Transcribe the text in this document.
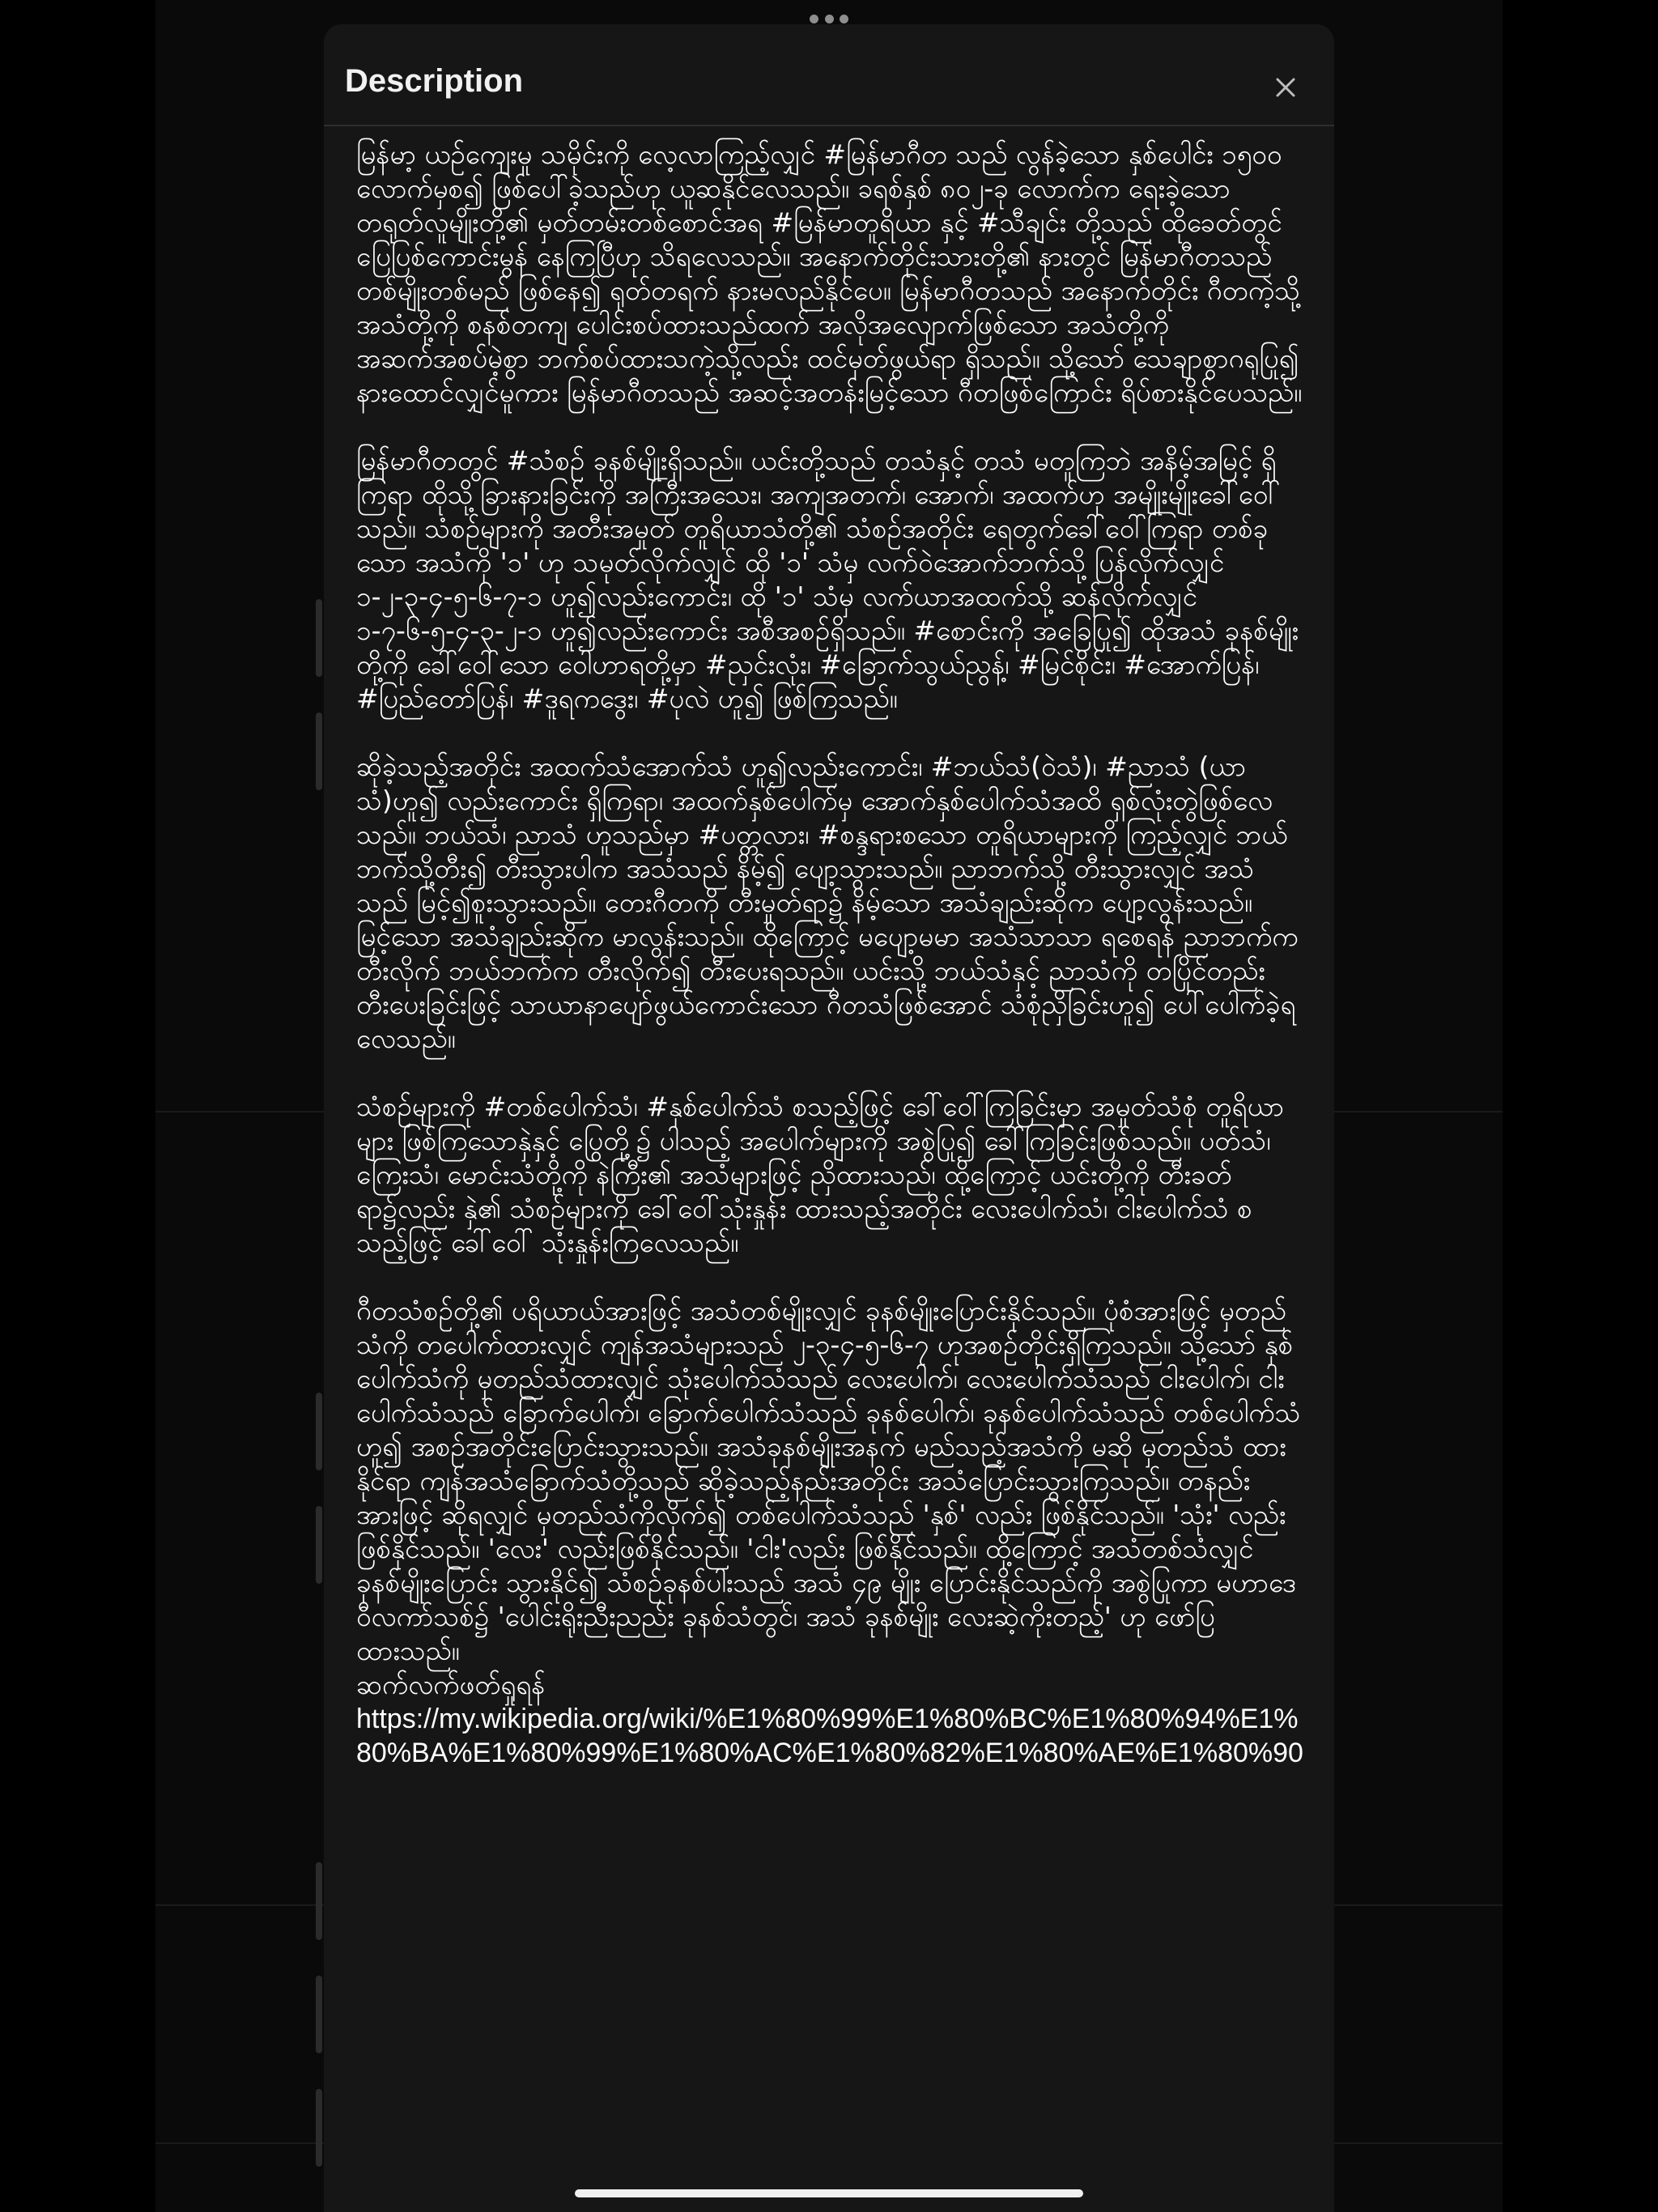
Description

မြန်မာ့ ယဉ်ကျေးမှု သမိုင်းကို လေ့လာကြည့်လျှင် #မြန်မာဂီတ သည် လွန်ခဲ့သော နှစ်ပေါင်း ၁၅၀၀ လောက်မှစ၍ ဖြစ်ပေါ်ခဲ့သည်ဟု ယူဆနိုင်လေသည်။ ခရစ်နှစ် ၈၀၂-ခု လောက်က ရေးခဲ့သော တရုတ်လူမျိုးတို့၏ မှတ်တမ်းတစ်စောင်အရ #မြန်မာတူရိယာ နှင့် #သီချင်း တို့သည် ထိုခေတ်တွင် ပြေပြစ်ကောင်းမွန် နေကြပြီဟု သိရလေသည်။ အနောက်တိုင်းသားတို့၏ နားတွင် မြန်မာဂီတသည် တစ်မျိုးတစ်မည် ဖြစ်နေ၍ ရုတ်တရက် နားမလည်နိုင်ပေ။ မြန်မာဂီတသည် အနောက်တိုင်း ဂီတကဲ့သို့ အသံတို့ကို စနစ်တကျ ပေါင်းစပ်ထားသည်ထက် အလိုအလျောက်ဖြစ်သော အသံတို့ကို အဆက်အစပ်မဲ့စွာ ဘက်စပ်ထားသကဲ့သို့လည်း ထင်မှတ်ဖွယ်ရာ ရှိသည်။ သို့သော် သေချာစွာဂရုပြု၍ နားထောင်လျှင်မူကား မြန်မာဂီတသည် အဆင့်အတန်းမြင့်သော ဂီတဖြစ်ကြောင်း ရိပ်စားနိုင်ပေသည်။

မြန်မာဂီတတွင် #သံစဉ် ခုနစ်မျိုးရှိသည်။ ယင်းတို့သည် တသံနှင့် တသံ မတူကြဘဲ အနိမ့်အမြင့် ရှိကြရာ ထိုသို့ခြားနားခြင်းကို အကြီးအသေး၊ အကျအတက်၊ အောက်၊ အထက်ဟု အမျိုးမျိုးခေါ်ဝေါ်သည်။ သံစဉ်များကို အတီးအမှုတ် တူရိယာသံတို့၏ သံစဉ်အတိုင်း ရေတွက်ခေါ်ဝေါ်ကြရာ တစ်ခုသော အသံကို '၁' ဟု သမုတ်လိုက်လျှင် ထို '၁' သံမှ လက်ဝဲအောက်ဘက်သို့ ပြန်လိုက်လျှင် ၁-၂-၃-၄-၅-၆-၇-၁ ဟူ၍လည်းကောင်း၊ ထို '၁' သံမှ လက်ယာအထက်သို့ ဆန်လိုက်လျှင် ၁-၇-၆-၅-၄-၃-၂-၁ ဟူ၍လည်းကောင်း အစီအစဉ်ရှိသည်။ #စောင်းကို အခြေပြု၍ ထိုအသံ ခုနစ်မျိုးတို့ကို ခေါ်ဝေါ်သော ဝေါဟာရတို့မှာ #ညှင်းလုံး၊ #ခြောက်သွယ်ညွန့်၊ #မြင်စိုင်း၊ #အောက်ပြန်၊ #ပြည်တော်ပြန်၊ #ဒူရကဒွေး၊ #ပုလဲ ဟူ၍ ဖြစ်ကြသည်။

ဆိုခဲ့သည့်အတိုင်း အထက်သံအောက်သံ ဟူ၍လည်းကောင်း၊ #ဘယ်သံ(ဝဲသံ)၊ #ညာသံ (ယာသံ)ဟူ၍ လည်းကောင်း ရှိကြရာ၊ အထက်နှစ်ပေါက်မှ အောက်နှစ်ပေါက်သံအထိ ရှစ်လုံးတွဲဖြစ်လေသည်။ ဘယ်သံ၊ ညာသံ ဟူသည်မှာ #ပတ္တလား၊ #စန္ဒရားစသော တူရိယာများကို ကြည့်လျှင် ဘယ်ဘက်သို့တီး၍ တီးသွားပါက အသံသည် နိမ့်၍ ပျော့သွားသည်။ ညာဘက်သို့ တီးသွားလျှင် အသံသည် မြင့်၍စူးသွားသည်။ တေးဂီတကို တီးမှုတ်ရာ၌ နိမ့်သော အသံချည်းဆိုက ပျော့လွန်းသည်။ မြင့်သော အသံချည်းဆိုက မာလွန်းသည်။ ထိုကြောင့် မပျော့မမာ အသံသာသာ ရစေရန် ညာဘက်က တီးလိုက် ဘယ်ဘက်က တီးလိုက်၍ တီးပေးရသည်။ ယင်းသို့ ဘယ်သံနှင့် ညာသံကို တပြိုင်တည်း တီးပေးခြင်းဖြင့် သာယာနာပျော်ဖွယ်ကောင်းသော ဂီတသံဖြစ်အောင် သံစုံညှိခြင်းဟူ၍ ပေါ်ပေါက်ခဲ့ရလေသည်။

သံစဉ်များကို #တစ်ပေါက်သံ၊ #နှစ်ပေါက်သံ စသည့်ဖြင့် ခေါ်ဝေါ်ကြခြင်းမှာ အမှုတ်သံစုံ တူရိယာများ ဖြစ်ကြသောနှဲနှင့် ပြွေတို့၌ ပါသည့် အပေါက်များကို အစွဲပြု၍ ခေါ်ကြခြင်းဖြစ်သည်။ ပတ်သံ၊ ကြေးသံ၊ မောင်းသံတို့ကို နဲကြီး၏ အသံများဖြင့် ညှိထားသည်၊ ထို့ကြောင့် ယင်းတို့ကို တီးခတ်ရာ၌လည်း နှဲ၏ သံစဉ်များကို ခေါ်ဝေါ်သုံးနှုန်း ထားသည့်အတိုင်း လေးပေါက်သံ၊ ငါးပေါက်သံ စသည့်ဖြင့် ခေါ်ဝေါ် သုံးနှုန်းကြလေသည်။

ဂီတသံစဉ်တို့၏ ပရိယာယ်အားဖြင့် အသံတစ်မျိုးလျှင် ခုနစ်မျိုးပြောင်းနိုင်သည်။ ပုံစံအားဖြင့် မှတည်သံကို တပေါက်ထားလျှင် ကျန်အသံများသည် ၂-၃-၄-၅-၆-၇ ဟုအစဉ်တိုင်းရှိကြသည်။ သို့သော် နှစ်ပေါက်သံကို မှတည်သံထားလျှင် သုံးပေါက်သံသည် လေးပေါက်၊ လေးပေါက်သံသည် ငါးပေါက်၊ ငါးပေါက်သံသည် ခြောက်ပေါက်၊ ခြောက်ပေါက်သံသည် ခုနစ်ပေါက်၊ ခုနစ်ပေါက်သံသည် တစ်ပေါက်သံဟူ၍ အစဉ်အတိုင်းပြောင်းသွားသည်။ အသံခုနစ်မျိုးအနက် မည်သည့်အသံကို မဆို မှတည်သံ ထားနိုင်ရာ ကျန်အသံခြောက်သံတို့သည် ဆိုခဲ့သည့်နည်းအတိုင်း အသံပြောင်းသွားကြသည်။ တနည်းအားဖြင့် ဆိုရလျှင် မှတည်သံကိုလိုက်၍ တစ်ပေါက်သံသည် 'နှစ်' လည်း ဖြစ်နိုင်သည်။ 'သုံး' လည်းဖြစ်နိုင်သည်။ 'လေး' လည်းဖြစ်နိုင်သည်။ 'ငါး'လည်း ဖြစ်နိုင်သည်။ ထို့ကြောင့် အသံတစ်သံလျှင် ခုနစ်မျိုးပြောင်း သွားနိုင်၍ သံစဉ်ခုနစ်ပါးသည် အသံ ၄၉ မျိုး ပြောင်းနိုင်သည်ကို အစွဲပြုကာ မဟာဒေဝီလကာ်သစ်၌ 'ပေါင်းရိုးညီးညည်း ခုနစ်သံတွင်၊ အသံ ခုနစ်မျိုး လေးဆဲ့ကိုးတည့်' ဟု ဖော်ပြထားသည်။
ဆက်လက်ဖတ်ရှုရန်
https://my.wikipedia.org/wiki/%E1%80%99%E1%80%BC%E1%80%94%E1%80%BA%E1%80%99%E1%80%AC%E1%80%82%E1%80%AE%E1%80%90
